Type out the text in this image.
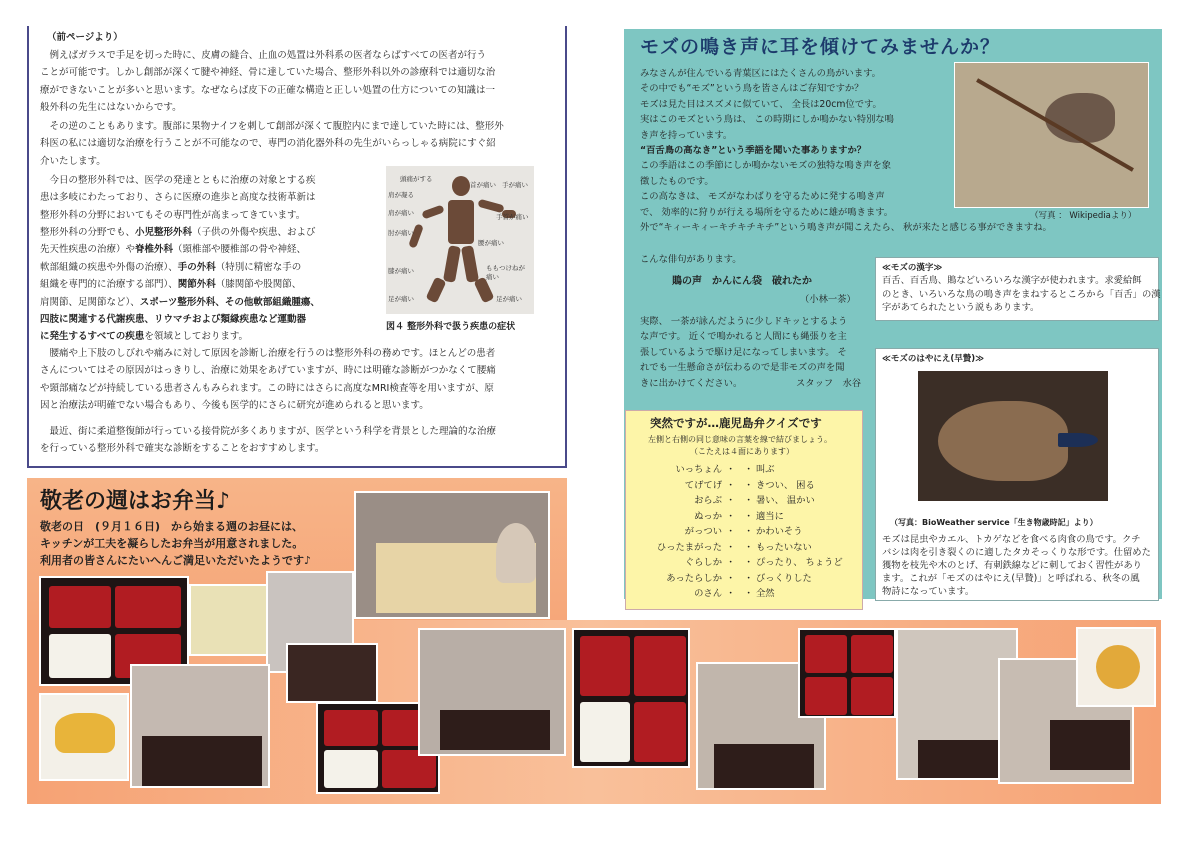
（前ページより）
　例えばガラスで手足を切った時に、皮膚の縫合、止血の処置は外科系の医者ならばすべての医者が行う
ことが可能です。しかし創部が深くて腱や神経、骨に達していた場合、整形外科以外の診療科では適切な治
療ができないことが多いと思います。なぜならば皮下の正確な構造と正しい処置の仕方についての知識は一
般外科の先生にはないからです。
　その逆のこともあります。腹部に果物ナイフを刺して創部が深くて腹腔内にまで達していた時には、整形外
科医の私には適切な治療を行うことが不可能なので、専門の消化器外科の先生がいらっしゃる病院にすぐ紹
介いたします。
　今日の整形外科では、医学の発達とともに治療の対象とする疾
患は多岐にわたっており、さらに医療の進歩と高度な技術革新は
整形外科の分野においてもその専門性が高まってきています。
整形外科の分野でも、小児整形外科（子供の外傷や疾患、および
先天性疾患の治療）や脊椎外科（頸椎部や腰椎部の骨や神経、
軟部組織の疾患や外傷の治療）、手の外科（特別に精密な手の
組織を専門的に治療する部門）、関節外科（膝関節や股関節、
肩関節、足関節など）、スポーツ整形外科、その他軟部組織腫瘍、
四肢に関連する代謝疾患、リウマチおよび類縁疾患など運動器
に発生するすべての疾患を領域としております。
　腰痛や上下肢のしびれや痛みに対して原因を診断し治療を行うのは整形外科の務めです。ほとんどの患者
さんについてはその原因がはっきりし、治療に効果をあげていますが、時には明確な診断がつかなくて腰痛
や頸部痛などが持続している患者さんもみられます。この時にはさらに高度なMRI検査等を用いますが、原
因と治療法が明確でない場合もあり、今後も医学的にさらに研究が進められると思います。
　最近、街に柔道整復師が行っている接骨院が多くありますが、医学という科学を背景とした理論的な治療
を行っている整形外科で確実な診断をすることをおすすめします。
頭痛がする
首が痛い
肩が凝る
肩が痛い
手が痛い
肘が痛い
手首が痛い
腰が痛い
膝が痛い	ももつけねが痛い
足が痛い	足が痛い
図４ 整形外科で扱う疾患の症状
敬老の週はお弁当♪
敬老の日　(９月１６日)　から始まる週のお昼には、
キッチンが工夫を凝らしたお弁当が用意されました。
利用者の皆さんにたいへんご満足いただいたようです♪
モズの鳴き声に耳を傾けてみませんか？
みなさんが住んでいる青葉区にはたくさんの鳥がいます。
その中でも“モズ”という鳥を皆さんはご存知ですか？
モズは見た目はスズメに似ていて、 全長は20cm位です。
実はこのモズという鳥は、 この時期にしか鳴かない特別な鳴
き声を持っています。
“百舌鳥の高なき”という季語を聞いた事ありますか？
この季語はこの季節にしか鳴かないモズの独特な鳴き声を象
徴したものです。
この高なきは、 モズがなわばりを守るために発する鳴き声
で、 効率的に狩りが行える場所を守るために雄が鳴きます。
外で“キィーキィーキチキチキチ”という鳴き声が聞こえたら、 秋が来たと感じる事ができますね。
（写真 ： Wikipediaより）
こんな俳句があります。
鵙の声　かんにん袋　破れたか
（小林一茶）
実際、 一茶が詠んだように少しドキッとするよう
な声です。 近くで鳴かれると人間にも縄張りを主
張しているようで駆け足になってしまいます。 そ
れでも一生懸命さが伝わるので是非モズの声を聞
きに出かけてください。	スタッフ　水谷
≪モズの漢字≫
百舌、百舌鳥、鵙などいろいろな漢字が使われます。求愛給餌
のとき、いろいろな鳥の鳴き声をまねするところから「百舌」の漢
字があてられたという説もあります。
≪モズのはやにえ(早贄)≫
（写真：BioWeather service「生き物歳時記」より）
モズは昆虫やカエル、トカゲなどを食べる肉食の鳥です。クチ
バシは肉を引き裂くのに適したタカそっくりな形です。仕留めた
獲物を枝先や木のとげ、有刺鉄線などに刺しておく習性があり
ます。これが「モズのはやにえ(早贄)」と呼ばれる、秋冬の風
物詩になっています。
突然ですが…鹿児島弁クイズです
左側と右側の同じ意味の言葉を線で結びましょう。
（こたえは４面にあります）
いっちょん ・ ・ 叫ぶ
てげてげ ・ ・ きつい、 困る
おらぶ ・ ・ 暑い、 温かい
ぬっか ・ ・ 適当に
がっつい ・ ・ かわいそう
ひったまがった ・ ・ もったいない
ぐらしか ・ ・ ぴったり、 ちょうど
あったらしか ・ ・ びっくりした
のさん ・ ・ 全然
